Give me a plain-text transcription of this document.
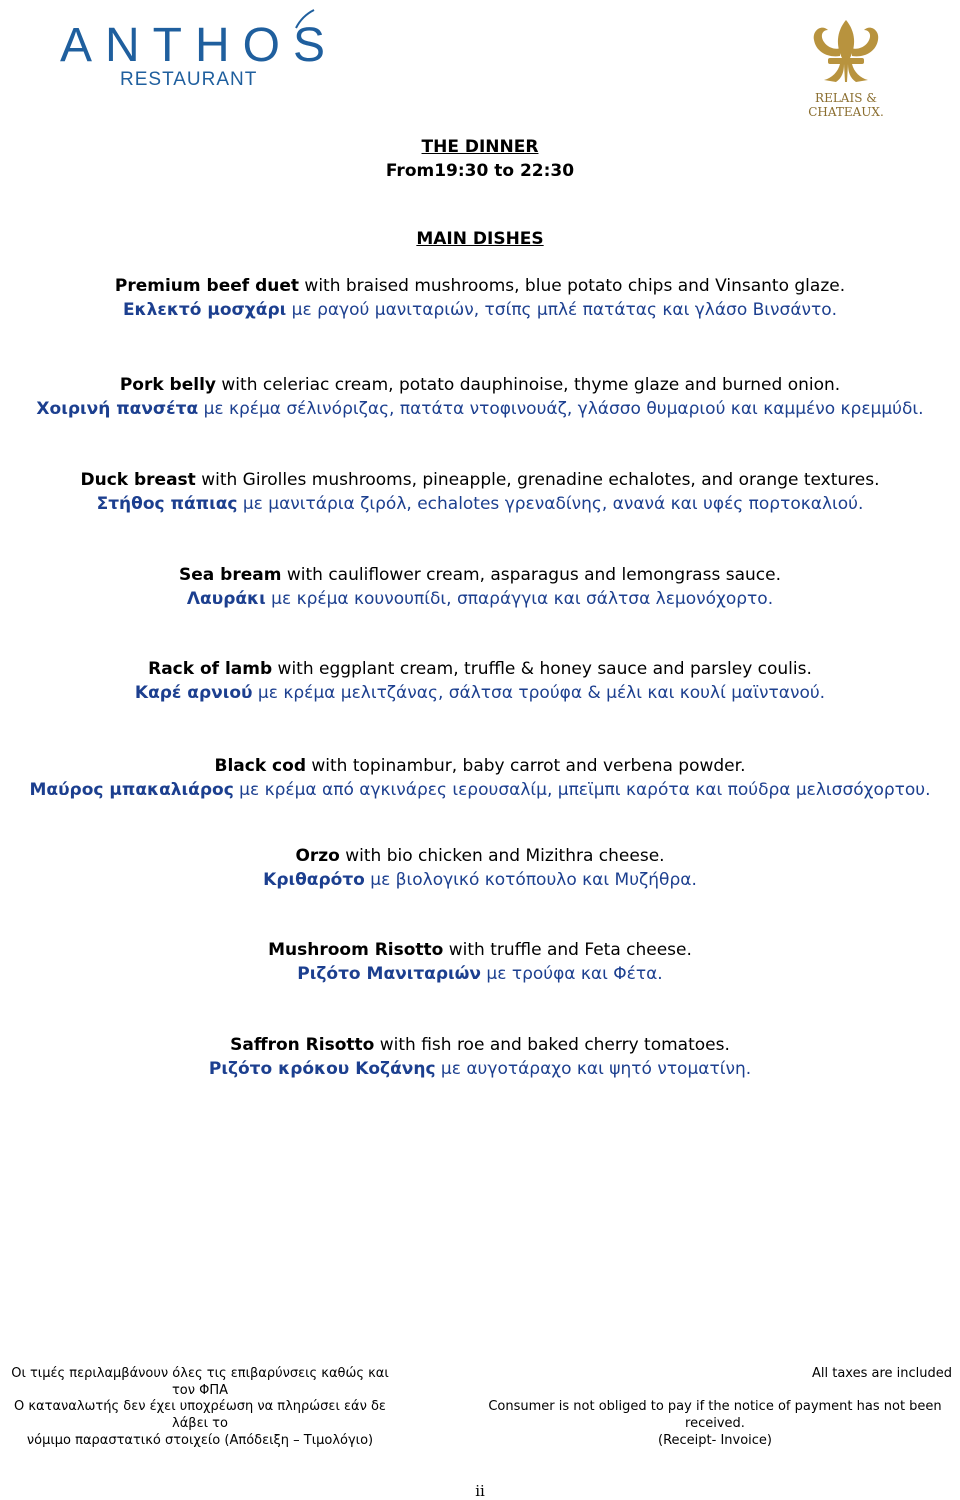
ANTHOS
RESTAURANT
RELAIS &
CHATEAUX.
THE DINNER
From19:30 to 22:30
MAIN DISHES
Premium beef duet with braised mushrooms, blue potato chips and Vinsanto glaze.
Εκλεκτό μοσχάρι με ραγού μανιταριών, τσίπς μπλέ πατάτας και γλάσο Βινσάντο.
Pork belly with celeriac cream, potato dauphinoise, thyme glaze and burned onion.
Χοιρινή πανσέτα με κρέμα σέλινόριζας, πατάτα ντοφινουάζ, γλάσσο θυμαριού και καμμένο κρεμμύδι.
Duck breast with Girolles mushrooms, pineapple, grenadine echalotes, and orange textures.
Στήθος πάπιας με μανιτάρια ζιρόλ, echalotes γρεναδίνης, ανανά και υφές πορτοκαλιού.
Sea bream with cauliflower cream, asparagus and lemongrass sauce.
Λαυράκι με κρέμα κουνουπίδι, σπαράγγια και σάλτσα λεμονόχορτο.
Rack of lamb with eggplant cream, truffle & honey sauce and parsley coulis.
Καρέ αρνιού με κρέμα μελιτζάνας, σάλτσα τρούφα & μέλι και κουλί μαϊντανού.
Black cod with topinambur, baby carrot and verbena powder.
Μαύρος μπακαλιάρος με κρέμα από αγκινάρες ιερουσαλίμ, μπεϊμπι καρότα και πούδρα μελισσόχορτου.
Orzo with bio chicken and Mizithra cheese.
Κριθαρότο με βιολογικό κοτόπουλο και Μυζήθρα.
Mushroom Risotto with truffle and Feta cheese.
Ριζότο Μανιταριών με τρούφα και Φέτα.
Saffron Risotto with fish roe and baked cherry tomatoes.
Ριζότο κρόκου Κοζάνης με αυγοτάραχο και ψητό ντοματίνη.
Οι τιμές περιλαμβάνουν όλες τις επιβαρύνσεις καθώς και τον ΦΠΑ
All taxes are included
Ο καταναλωτής δεν έχει υποχρέωση να πληρώσει εάν δε λάβει το
νόμιμο παραστατικό στοιχείο (Απόδειξη – Τιμολόγιο)
Consumer is not obliged to pay if the notice of payment has not been received.
(Receipt- Invoice)
ii
